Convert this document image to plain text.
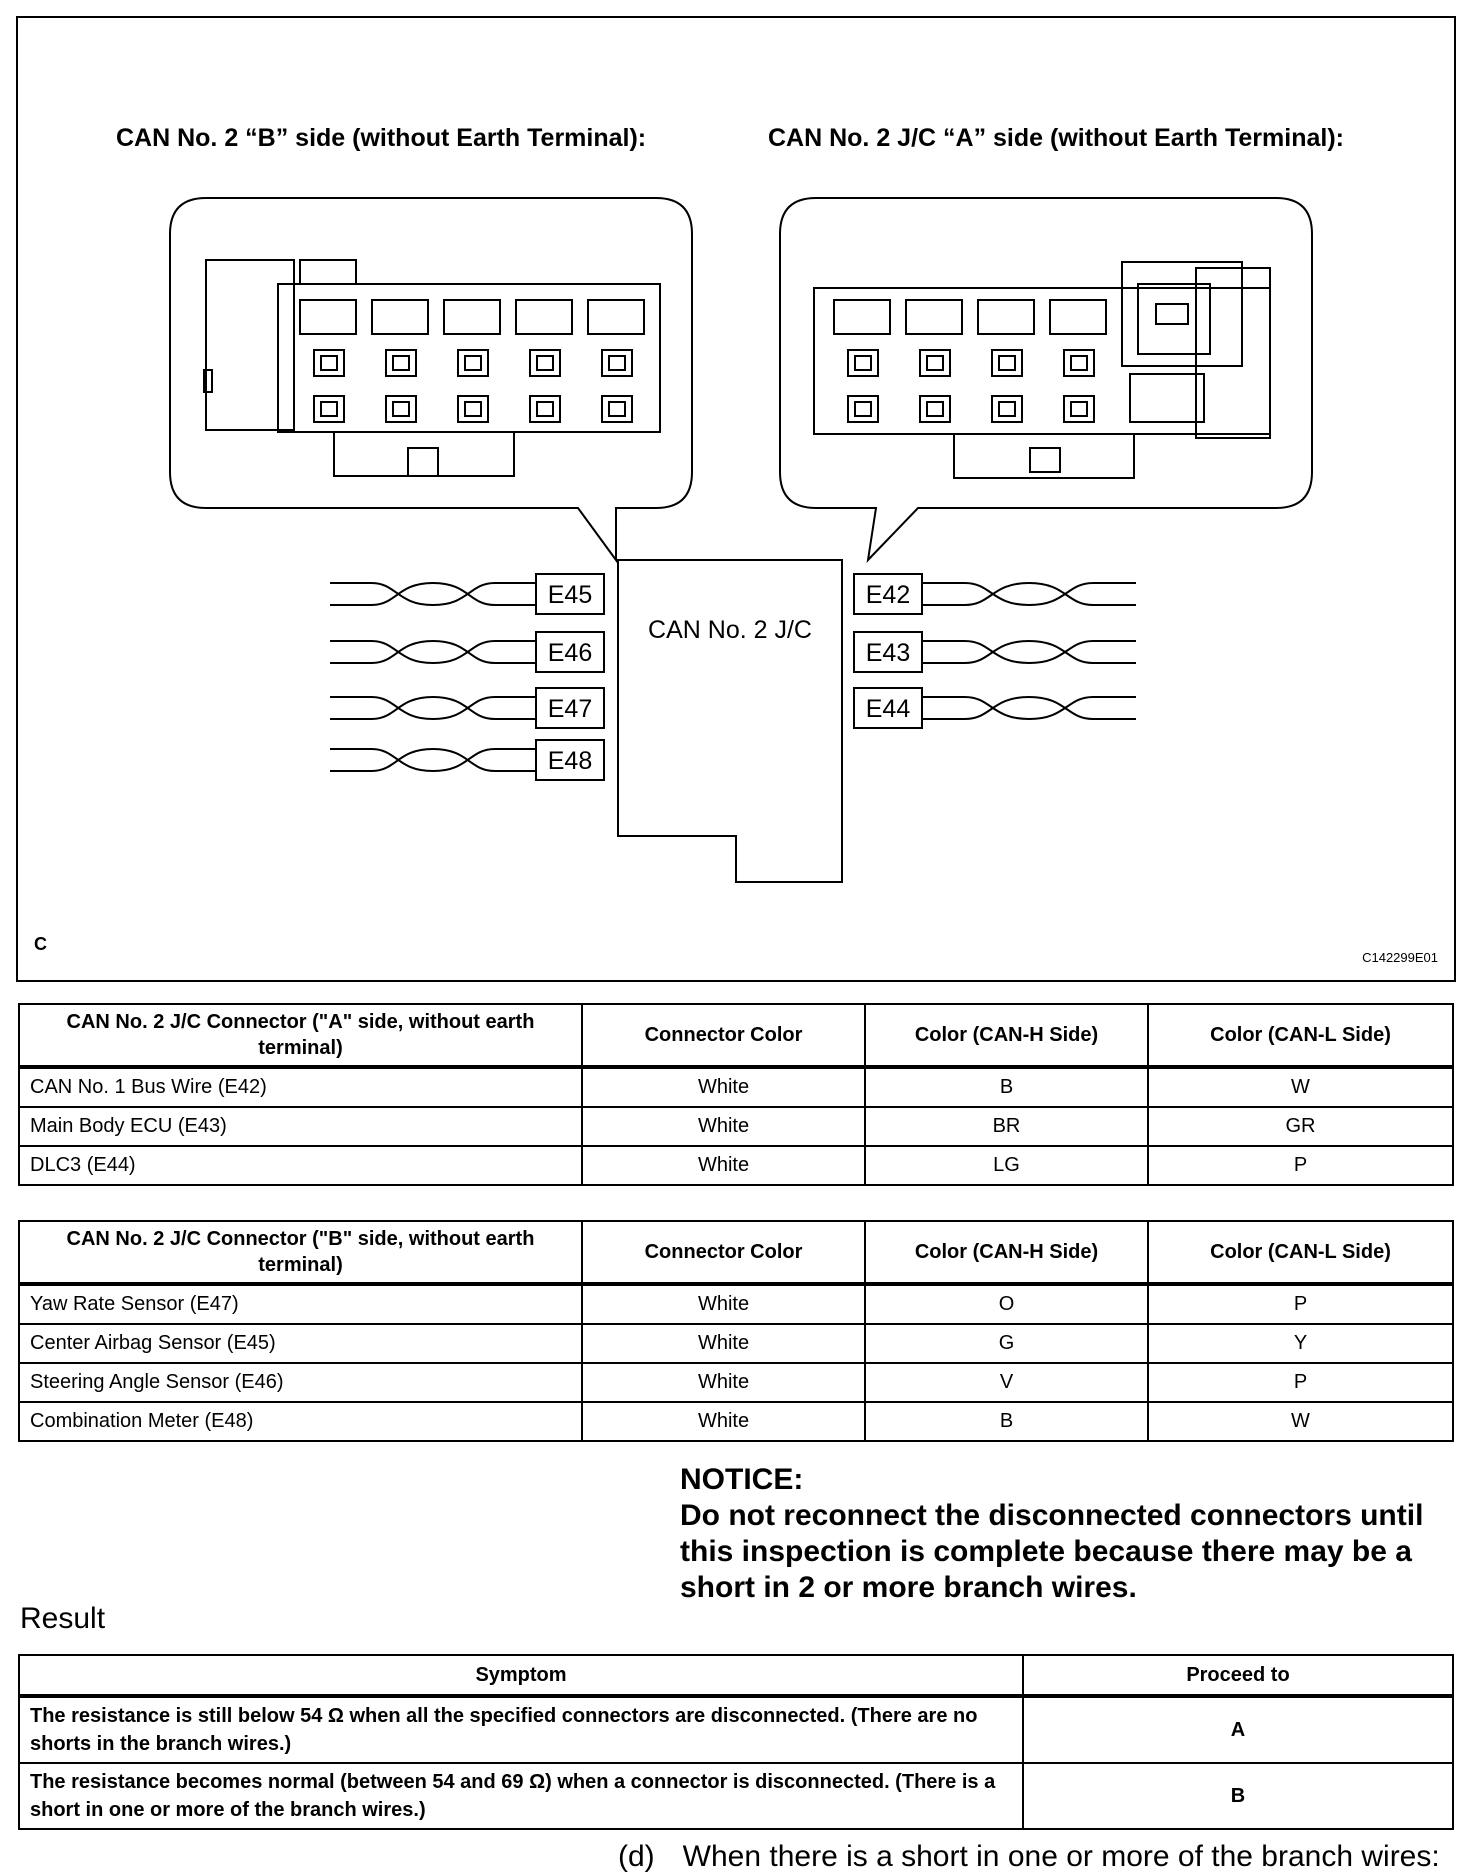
CAN No. 2 “B” side (without Earth Terminal):	CAN No. 2 J/C “A” side (without Earth Terminal):
CAN No. 2 J/C
E45
E46
E47
E48
E42
E43
E44
C
C142299E01
CAN No. 2 J/C Connector ("A" side, without earth terminal)	Connector Color	Color (CAN-H Side)	Color (CAN-L Side)
CAN No. 1 Bus Wire (E42)	White	B	W
Main Body ECU (E43)	White	BR	GR
DLC3 (E44)	White	LG	P
CAN No. 2 J/C Connector ("B" side, without earth terminal)	Connector Color	Color (CAN-H Side)	Color (CAN-L Side)
Yaw Rate Sensor (E47)	White	O	P
Center Airbag Sensor (E45)	White	G	Y
Steering Angle Sensor (E46)	White	V	P
Combination Meter (E48)	White	B	W
NOTICE:
Do not reconnect the disconnected connectors until this inspection is complete because there may be a short in 2 or more branch wires.
Result
Symptom	Proceed to
The resistance is still below 54 Ω when all the specified connectors are disconnected. (There are no shorts in the branch wires.)	A
The resistance becomes normal (between 54 and 69 Ω) when a connector is disconnected. (There is a short in one or more of the branch wires.)	B
(d) When there is a short in one or more of the branch wires:
